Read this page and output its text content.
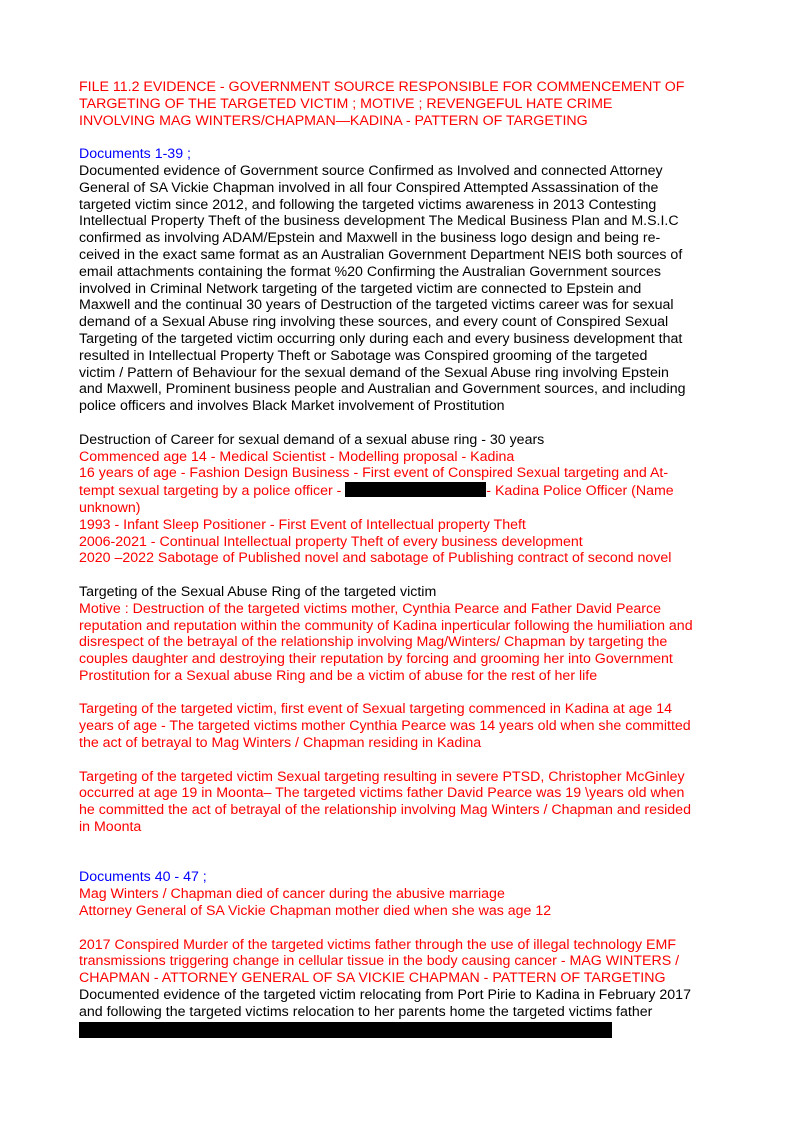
FILE 11.2 EVIDENCE - GOVERNMENT SOURCE RESPONSIBLE FOR COMMENCEMENT OF

TARGETING OF THE TARGETED VICTIM ; MOTIVE ; REVENGEFUL HATE CRIME

INVOLVING MAG WINTERS/CHAPMAN—KADINA - PATTERN OF TARGETING

Documents 1-39 ;

Documented evidence of Government source Confirmed as Involved and connected Attorney

General of SA Vickie Chapman involved in all four Conspired Attempted Assassination of the

targeted victim since 2012, and following the targeted victims awareness in 2013 Contesting

Intellectual Property Theft of the business development The Medical Business Plan and M.S.I.C

confirmed as involving ADAM/Epstein and Maxwell in the business logo design and being re-

ceived in the exact same format as an Australian Government Department NEIS both sources of

email attachments containing the format %20 Confirming the Australian Government sources

involved in Criminal Network targeting of the targeted victim are connected to Epstein and

Maxwell and the continual 30 years of Destruction of the targeted victims career was for sexual

demand of a Sexual Abuse ring involving these sources, and every count of Conspired Sexual

Targeting of the targeted victim occurring only during each and every business development that

resulted in Intellectual Property Theft or Sabotage was Conspired grooming of the targeted

victim / Pattern of Behaviour for the sexual demand of the Sexual Abuse ring involving Epstein

and Maxwell, Prominent business people and Australian and Government sources, and including

police officers and involves Black Market involvement of Prostitution

Destruction of Career for sexual demand of a sexual abuse ring - 30 years

Commenced age 14 - Medical Scientist - Modelling proposal - Kadina

16 years of age - Fashion Design Business - First event of Conspired Sexual targeting and At-

tempt sexual targeting by a police officer -	- Kadina Police Officer (Name

unknown)

1993 - Infant Sleep Positioner - First Event of Intellectual property Theft

2006-2021 - Continual Intellectual property Theft of every business development

2020 –2022 Sabotage of Published novel and sabotage of Publishing contract of second novel

Targeting of the Sexual Abuse Ring of the targeted victim

Motive : Destruction of the targeted victims mother, Cynthia Pearce and Father David Pearce

reputation and reputation within the community of Kadina inperticular following the humiliation and

disrespect of the betrayal of the relationship involving Mag/Winters/ Chapman by targeting the

couples daughter and destroying their reputation by forcing and grooming her into Government

Prostitution for a Sexual abuse Ring and be a victim of abuse for the rest of her life

Targeting of the targeted victim, first event of Sexual targeting commenced in Kadina at age 14

years of age - The targeted victims mother Cynthia Pearce was 14 years old when she committed

the act of betrayal to Mag Winters / Chapman residing in Kadina

Targeting of the targeted victim Sexual targeting resulting in severe PTSD, Christopher McGinley

occurred at age 19 in Moonta– The targeted victims father David Pearce was 19 \years old when

he committed the act of betrayal of the relationship involving Mag Winters / Chapman and resided

in Moonta

Documents 40 - 47 ;

Mag Winters / Chapman died of cancer during the abusive marriage

Attorney General of SA Vickie Chapman mother died when she was age 12

2017 Conspired Murder of the targeted victims father through the use of illegal technology EMF

transmissions triggering change in cellular tissue in the body causing cancer - MAG WINTERS /

CHAPMAN - ATTORNEY GENERAL OF SA VICKIE CHAPMAN - PATTERN OF TARGETING

Documented evidence of the targeted victim relocating from Port Pirie to Kadina in February 2017

and following the targeted victims relocation to her parents home the targeted victims father
